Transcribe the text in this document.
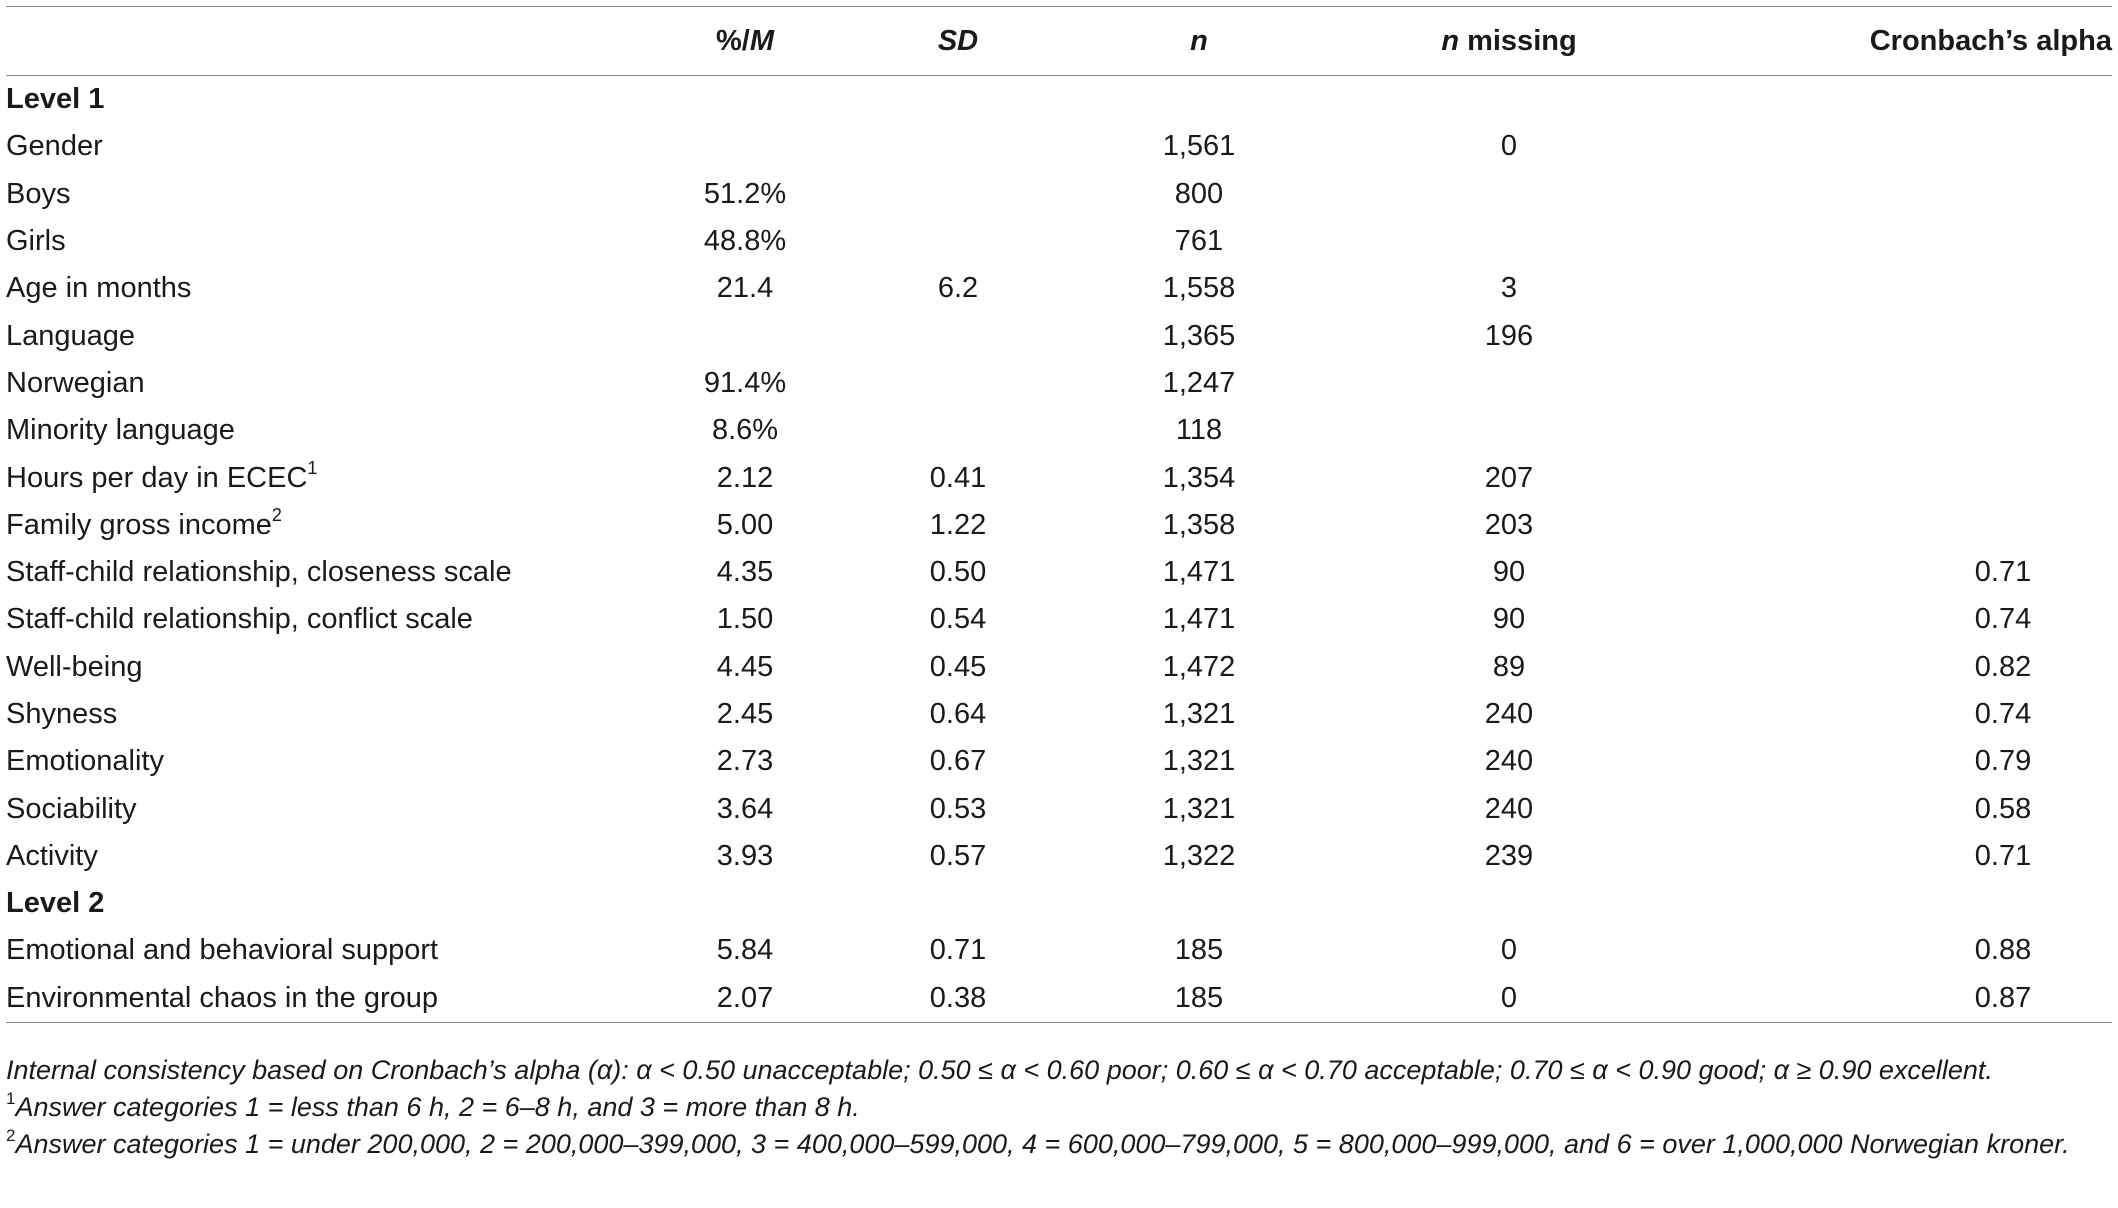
	%/M	SD	n	n missing	Cronbach’s alpha
Level 1					
Gender			1,561	0	
Boys	51.2%		800		
Girls	48.8%		761		
Age in months	21.4	6.2	1,558	3	
Language			1,365	196	
Norwegian	91.4%		1,247		
Minority language	8.6%		118		
Hours per day in ECEC$^1$	2.12	0.41	1,354	207	
Family gross income$^2$	5.00	1.22	1,358	203	
Staff-child relationship, closeness scale	4.35	0.50	1,471	90	0.71
Staff-child relationship, conflict scale	1.50	0.54	1,471	90	0.74
Well-being	4.45	0.45	1,472	89	0.82
Shyness	2.45	0.64	1,321	240	0.74
Emotionality	2.73	0.67	1,321	240	0.79
Sociability	3.64	0.53	1,321	240	0.58
Activity	3.93	0.57	1,322	239	0.71
Level 2					
Emotional and behavioral support	5.84	0.71	185	0	0.88
Environmental chaos in the group	2.07	0.38	185	0	0.87

Internal consistency based on Cronbach’s alpha (α): α < 0.50 unacceptable; 0.50 ≤ α < 0.60 poor; 0.60 ≤ α < 0.70 acceptable; 0.70 ≤ α < 0.90 good; α ≥ 0.90 excellent.

$^1$Answer categories 1 = less than 6 h, 2 = 6–8 h, and 3 = more than 8 h.

$^2$Answer categories 1 = under 200,000, 2 = 200,000–399,000, 3 = 400,000–599,000, 4 = 600,000–799,000, 5 = 800,000–999,000, and 6 = over 1,000,000 Norwegian kroner.
